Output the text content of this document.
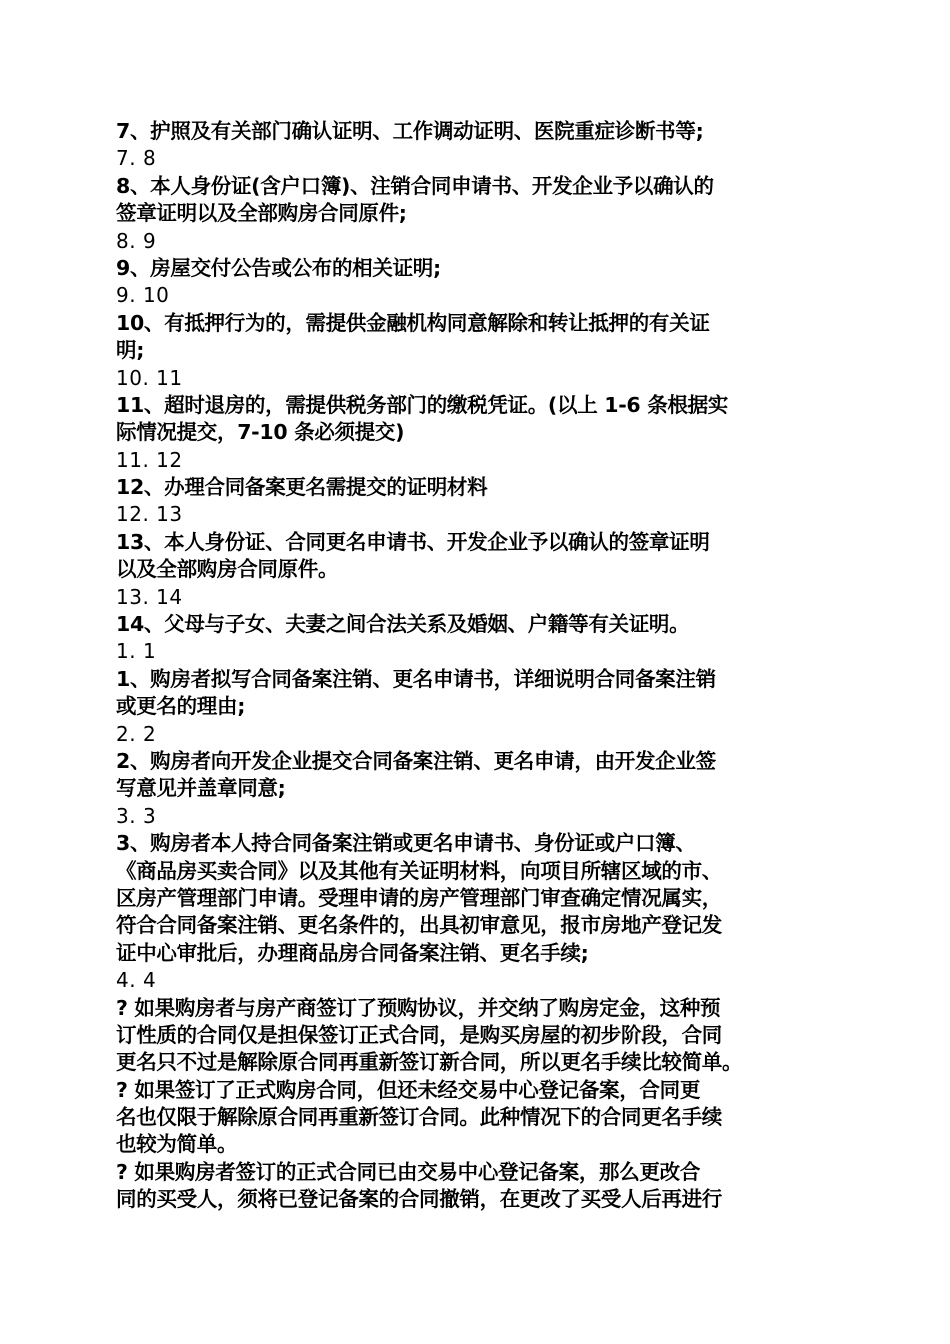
7、护照及有关部门确认证明、工作调动证明、医院重症诊断书等;
7. 8
8、本人身份证(含户口簿)、注销合同申请书、开发企业予以确认的
签章证明以及全部购房合同原件;
8. 9
9、房屋交付公告或公布的相关证明;
9. 10
10、有抵押行为的，需提供金融机构同意解除和转让抵押的有关证
明;
10. 11
11、超时退房的，需提供税务部门的缴税凭证。(以上 1-6 条根据实
际情况提交，7-10 条必须提交)
11. 12
12、办理合同备案更名需提交的证明材料
12. 13
13、本人身份证、合同更名申请书、开发企业予以确认的签章证明
以及全部购房合同原件。
13. 14
14、父母与子女、夫妻之间合法关系及婚姻、户籍等有关证明。
1. 1
1、购房者拟写合同备案注销、更名申请书，详细说明合同备案注销
或更名的理由;
2. 2
2、购房者向开发企业提交合同备案注销、更名申请，由开发企业签
写意见并盖章同意;
3. 3
3、购房者本人持合同备案注销或更名申请书、身份证或户口簿、
《商品房买卖合同》以及其他有关证明材料，向项目所辖区域的市、
区房产管理部门申请。受理申请的房产管理部门审查确定情况属实，
符合合同备案注销、更名条件的，出具初审意见，报市房地产登记发
证中心审批后，办理商品房合同备案注销、更名手续;
4. 4
? 如果购房者与房产商签订了预购协议，并交纳了购房定金，这种预
订性质的合同仅是担保签订正式合同，是购买房屋的初步阶段，合同
更名只不过是解除原合同再重新签订新合同，所以更名手续比较简单。
? 如果签订了正式购房合同，但还未经交易中心登记备案，合同更
名也仅限于解除原合同再重新签订合同。此种情况下的合同更名手续
也较为简单。
? 如果购房者签订的正式合同已由交易中心登记备案，那么更改合
同的买受人，须将已登记备案的合同撤销，在更改了买受人后再进行
